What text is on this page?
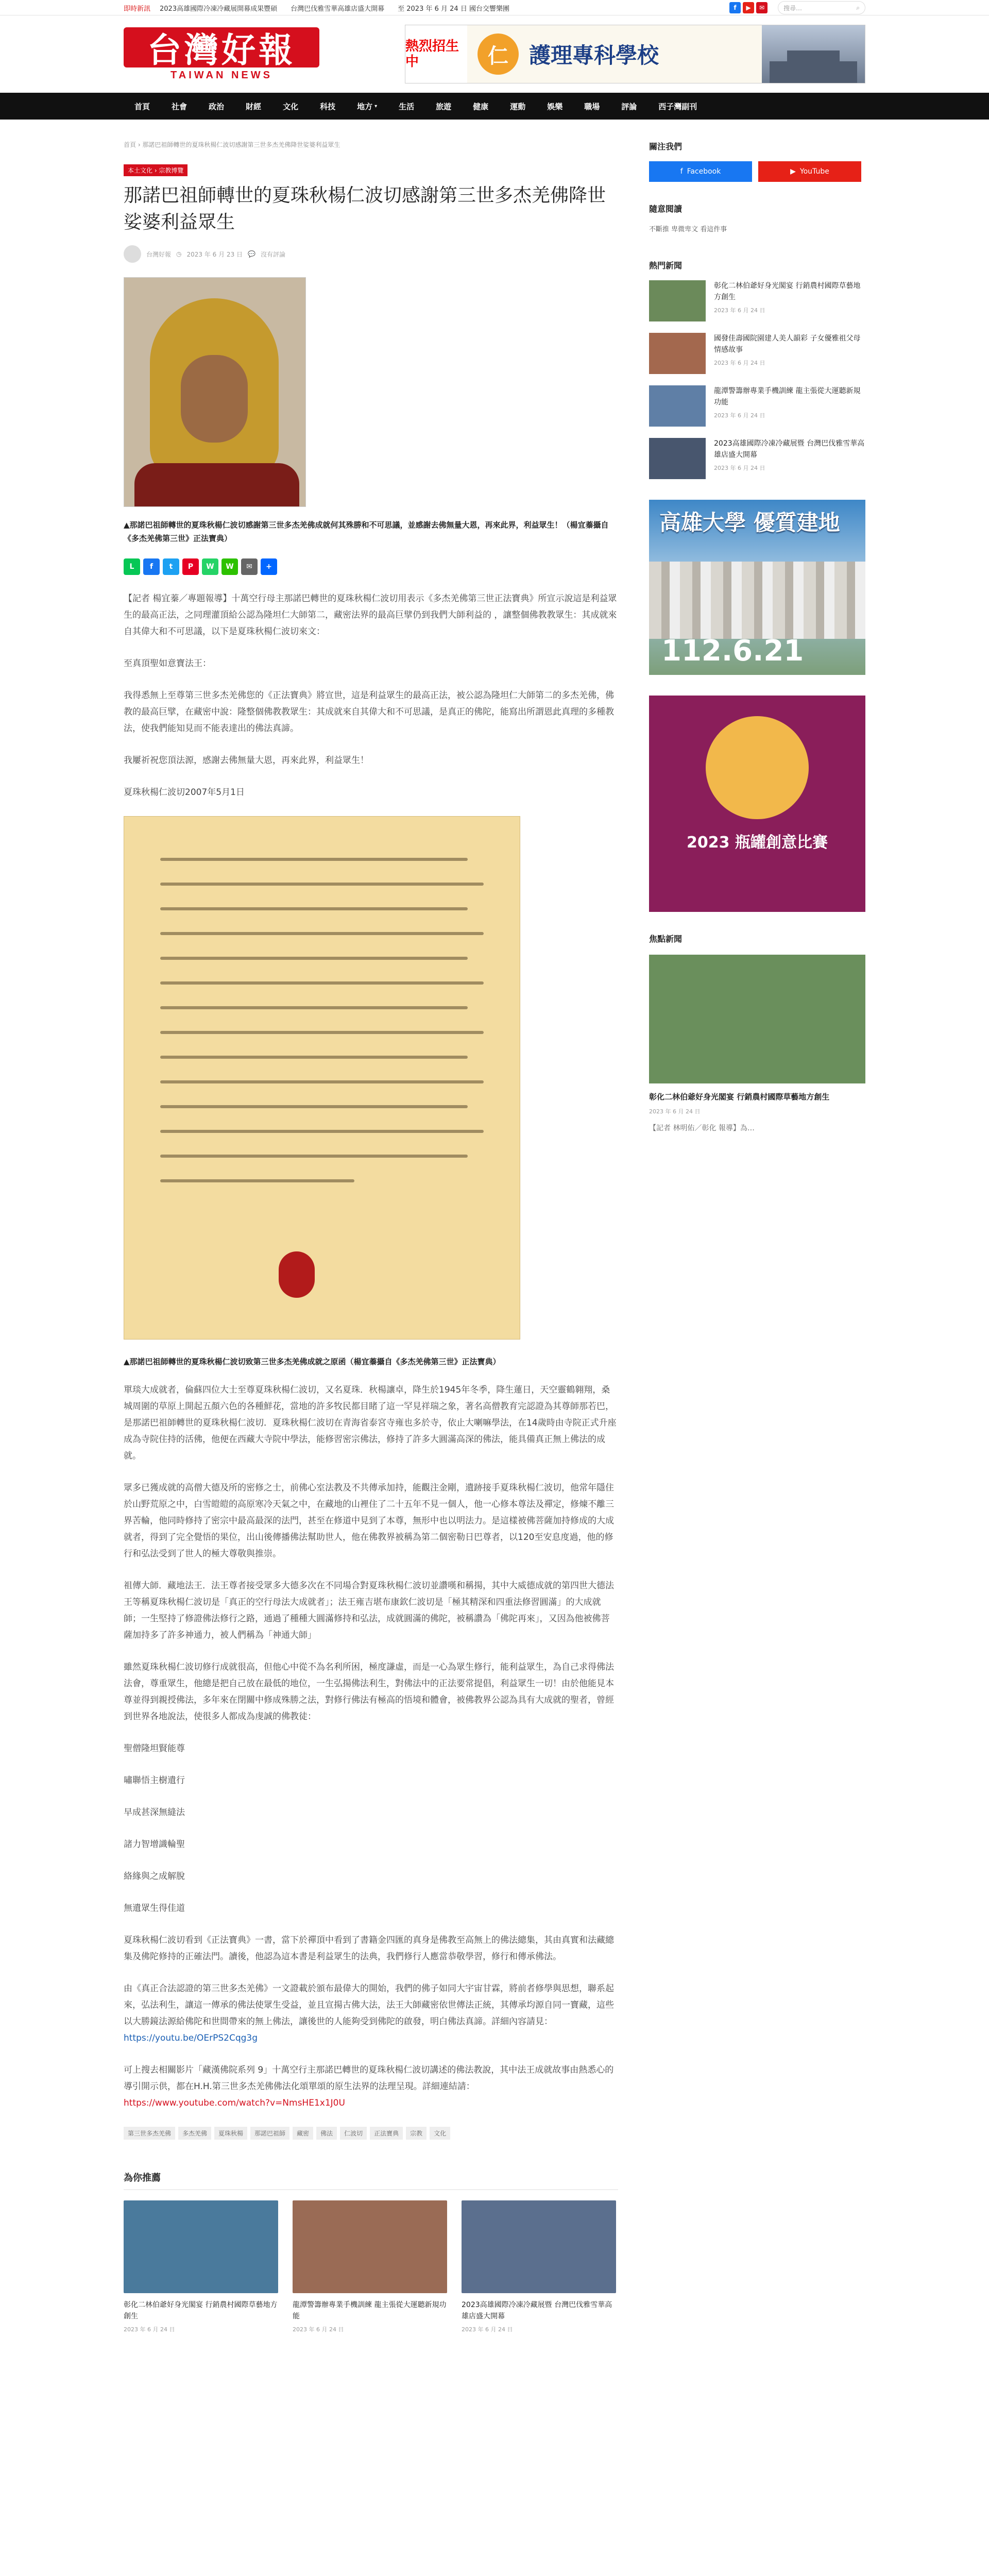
即時新訊 2023高雄國際冷凍冷藏展開幕成果豐碩 台灣巴伐雅雪華高雄店盛大開幕 至 2023 年 6 月 24 日 國台交響樂團	f	▶	✉	搜尋…	⌕
台灣好報
TAIWAN NEWS
熱烈招生中	仁 護理專科學校
首頁	社會	政治	財經	文化	科技	地方 ▾	生活	旅遊	健康	運動	娛樂	職場	評論	西子灣副刊
首頁 › 那諾巴祖師轉世的夏珠秋楊仁波切感謝第三世多杰羌佛降世娑婆利益眾生
本土文化 › 宗教博覽
那諾巴祖師轉世的夏珠秋楊仁波切感謝第三世多杰羌佛降世娑婆利益眾生
台灣好報 ◷ 2023 年 6 月 23 日 💬 沒有評論

▲那諾巴祖師轉世的夏珠秋楊仁波切感謝第三世多杰羌佛成就何其殊勝和不可思議，並感謝去佛無量大恩，再來此界，利益眾生！（楊宜蓁攝自《多杰羌佛第三世》正法寶典）

L	f	t	P	W	W	✉	+

【記者 楊宜蓁／專題報導】十萬空行母主那諾巴轉世的夏珠秋楊仁波切用表示《多杰羌佛第三世正法寶典》所宣示說這是利益眾生的最高正法，之同理灌頂給公認為隆坦仁大師第二，藏密法界的最高巨擘仍到我們大師利益的 ，讓整個佛教教眾生：其成就來自其偉大和不可思議，以下是夏珠秋楊仁波切來文：

至真頂聖如意寶法王：

我得悉無上至尊第三世多杰羌佛您的《正法寶典》將宣世，這是利益眾生的最高正法，被公認為隆坦仁大師第二的多杰羌佛，佛教的最高巨擘，在藏密中說：隆整個佛教教眾生：其成就來自其偉大和不可思議，是真正的佛陀，能寫出所謂恩此真理的多種教法，使我們能知見而不能表達出的佛法真諦。

我屢祈祝您頂法源，感謝去佛無量大恩，再來此界，利益眾生！

夏珠秋楊仁波切2007年5月1日

▲那諾巴祖師轉世的夏珠秋楊仁波切致第三世多杰羌佛成就之原函（楊宜蓁攝自《多杰羌佛第三世》正法寶典）

單琰大成就者，倫蘇四位大士至尊夏珠秋楊仁波切，又名夏珠．秋楊讓卓，降生於1945年冬季，降生蓮日，天空靈鶴翱翔，桑城周圍的草原上開起五顏六色的各種鮮花，當地的許多牧民都目睹了這一罕見祥瑞之象，著名高僧教育完認證為其尊師那若巴，是那諾巴祖師轉世的夏珠秋楊仁波切．夏珠秋楊仁波切在青海省泰宮寺雍也多於寺，依止大喇嘛學法，在14歲時由寺院正式升座成為寺院住持的活佛，他便在西藏大寺院中學法，能修習密宗佛法，修持了許多大圓滿高深的佛法，能具備真正無上佛法的成就。

眾多已獲成就的高僧大德及所的密修之士，前佛心室法教及不共傳承加持，能觀注金剛，遺跡接手夏珠秋楊仁波切，他常年隱住於山野荒原之中，白雪皚皚的高原寒冷天氣之中，在藏地的山裡住了二十五年不見一個人，他一心修本尊法及禪定，修煉不離三界苦輪，他同時修持了密宗中最高最深的法門，甚至在修道中見到了本尊，無形中也以明法力。是這樣被佛菩薩加持修成的大成就者，得到了完全覺悟的果位，出山後傳播佛法幫助世人，他在佛教界被稱為第二個密勒日巴尊者，以120至安息度過，他的修行和弘法受到了世人的極大尊敬與推崇。

祖傳大師．藏地法王．法王尊者接受眾多大德多次在不同場合對夏珠秋楊仁波切並讚嘆和稱揚，其中大威德成就的第四世大德法王等稱夏珠秋楊仁波切是「真正的空行母法大成就者」；法王雍吉堪布康欽仁波切是「極其精深和四重法修習圓滿」的大成就師；一生堅持了修證佛法修行之路，通過了種種大圓滿修持和弘法，成就圓滿的佛陀，被稱讚為「佛陀再來」，又因為他被佛菩薩加持多了許多神通力，被人們稱為「神通大師」

雖然夏珠秋楊仁波切修行成就很高，但他心中從不為名利所困，極度謙虛，而是一心為眾生修行，能利益眾生，為自己求得佛法法會，尊重眾生，他總是把自己放在最低的地位，一生弘揚佛法利生，對佛法中的正法要常提倡，利益眾生一切！由於他能見本尊並得到親授佛法，多年來在閉關中修成殊勝之法，對修行佛法有極高的悟境和體會，被佛教界公認為具有大成就的聖者，曾經到世界各地說法，使很多人都成為虔誠的佛教徒：

聖僧隆坦賢能尊

嘯聯悟主樹遺行

早成甚深無縫法

諸力智增識輪聖

絡緣與之成解脫

無遺眾生得佳道

夏珠秋楊仁波切看到《正法寶典》一書，當下於禪頂中看到了書籍金四匯的真身是佛教至高無上的佛法總集，其由真實和法藏總集及佛陀修持的正確法門。讀後，他認為這本書是利益眾生的法典，我們修行人應當恭敬學習，修行和傳承佛法。

由《真正合法認證的第三世多杰羌佛》一文證載於頒布最偉大的開始，我們的佛子如同大宇宙甘霖，將前者修學與思想，聯系起來，弘法利生，讓這一傳承的佛法使眾生受益，並且宣揚古佛大法，法王大師藏密依世傳法正統，其傳承均源自同一寶藏，這些以大勝鏡法源給佛陀和世間帶來的無上佛法，讓後世的人能夠受到佛陀的啟發，明白佛法真諦。詳細內容請見： https://youtu.be/OErPS2Cqg3g

可上搜去相關影片「藏漢佛院系列 9」十萬空行主那諾巴轉世的夏珠秋楊仁波切講述的佛法教說，其中法王成就故事由熱悉心的導引開示供，都在H.H.第三世多杰羌佛佛法化頌單頌的原生法界的法理呈現。詳細連結請： https://www.youtube.com/watch?v=NmsHE1x1J0U

第三世多杰羌佛	多杰羌佛	夏珠秋楊	那諾巴祖師	藏密	佛法	仁波切	正法寶典	宗教	文化
為你推薦
彰化二林伯爺好身光閣宴 行銷農村國際草藝地方創生
2023 年 6 月 24 日
龍潭警籌辦專業手機訓練 龍主張從大運聽新規功能
2023 年 6 月 24 日
2023高雄國際冷凍冷藏展暨 台灣巴伐雅雪華高雄店盛大開幕
2023 年 6 月 24 日
關注我們
f Facebook	▶ YouTube
隨意閱讀
不斷推 卑微卑文 看這件事
熱門新聞
彰化二林伯爺好身光閣宴 行銷農村國際草藝地方創生
2023 年 6 月 24 日
國發佳壽國院園建人美人韻彩 子女優雅祖父母情感故事
2023 年 6 月 24 日
龍潭警籌辦專業手機訓練 龍主張從大運聽新規功能
2023 年 6 月 24 日
2023高雄國際冷凍冷藏展暨 台灣巴伐雅雪華高雄店盛大開幕
2023 年 6 月 24 日
高雄大學 優質建地
112.6.21
2023 瓶罐創意比賽
焦點新聞
彰化二林伯爺好身光閣宴 行銷農村國際草藝地方創生
2023 年 6 月 24 日
【記者 林明佑／彰化 報導】為…
